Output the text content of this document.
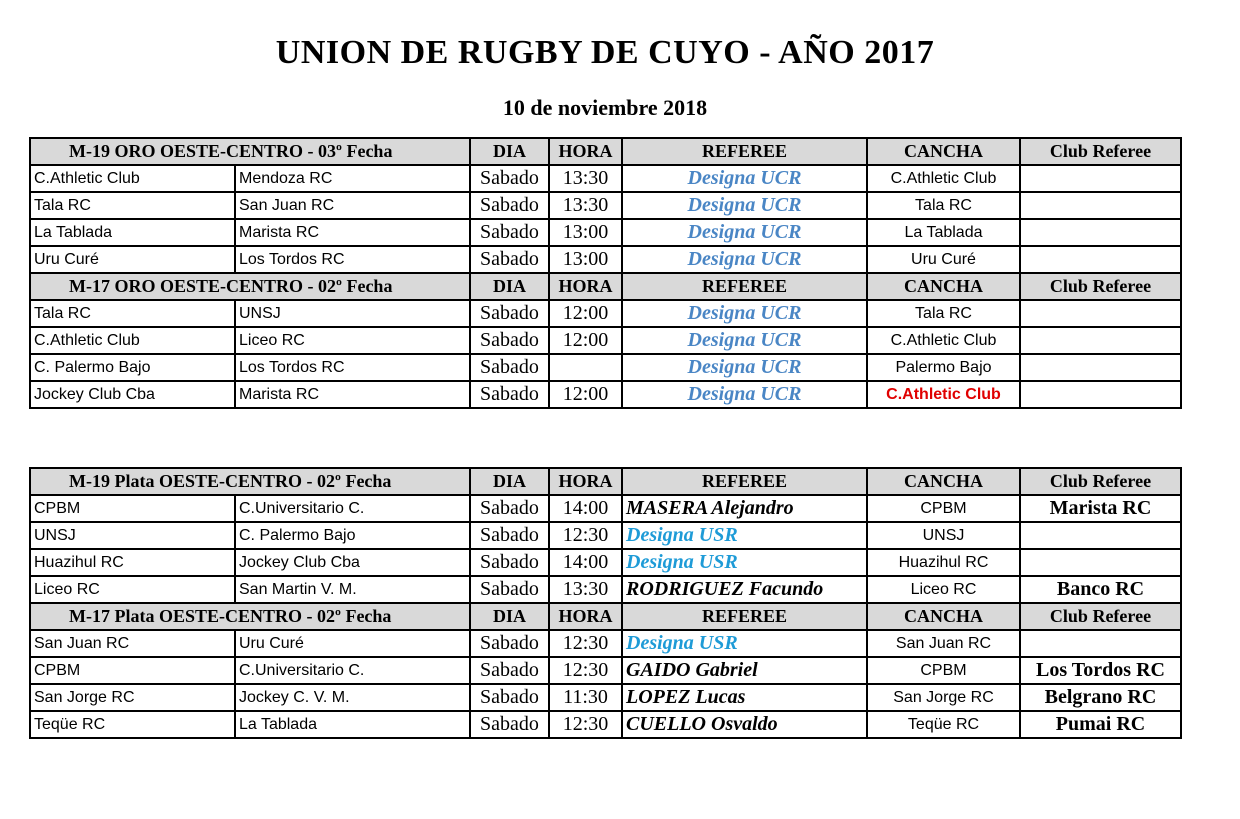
UNION DE RUGBY DE CUYO - AÑO 2017
10 de noviembre 2018
M-19 ORO OESTE-CENTRO - 03º Fecha		DIA	HORA	REFEREE	CANCHA	Club Referee
C.Athletic Club	Mendoza RC	Sabado	13:30	Designa UCR	C.Athletic Club	
Tala RC	San Juan RC	Sabado	13:30	Designa UCR	Tala RC	
La Tablada	Marista RC	Sabado	13:00	Designa UCR	La Tablada	
Uru Curé	Los Tordos RC	Sabado	13:00	Designa UCR	Uru Curé	
M-17 ORO OESTE-CENTRO - 02º Fecha		DIA	HORA	REFEREE	CANCHA	Club Referee
Tala RC	UNSJ	Sabado	12:00	Designa UCR	Tala RC	
C.Athletic Club	Liceo RC	Sabado	12:00	Designa UCR	C.Athletic Club	
C. Palermo Bajo	Los Tordos RC	Sabado		Designa UCR	Palermo Bajo	
Jockey Club Cba	Marista RC	Sabado	12:00	Designa UCR	C.Athletic Club	
M-19 Plata OESTE-CENTRO - 02º Fecha		DIA	HORA	REFEREE	CANCHA	Club Referee
CPBM	C.Universitario C.	Sabado	14:00	MASERA Alejandro	CPBM	Marista RC
UNSJ	C. Palermo Bajo	Sabado	12:30	Designa USR	UNSJ	
Huazihul RC	Jockey Club Cba	Sabado	14:00	Designa USR	Huazihul RC	
Liceo RC	San Martin V. M.	Sabado	13:30	RODRIGUEZ Facundo	Liceo RC	Banco RC
M-17 Plata OESTE-CENTRO - 02º Fecha		DIA	HORA	REFEREE	CANCHA	Club Referee
San Juan RC	Uru Curé	Sabado	12:30	Designa USR	San Juan RC	
CPBM	C.Universitario C.	Sabado	12:30	GAIDO Gabriel	CPBM	Los Tordos RC
San Jorge RC	Jockey C. V. M.	Sabado	11:30	LOPEZ Lucas	San Jorge RC	Belgrano RC
Teqüe RC	La Tablada	Sabado	12:30	CUELLO Osvaldo	Teqüe RC	Pumai RC
